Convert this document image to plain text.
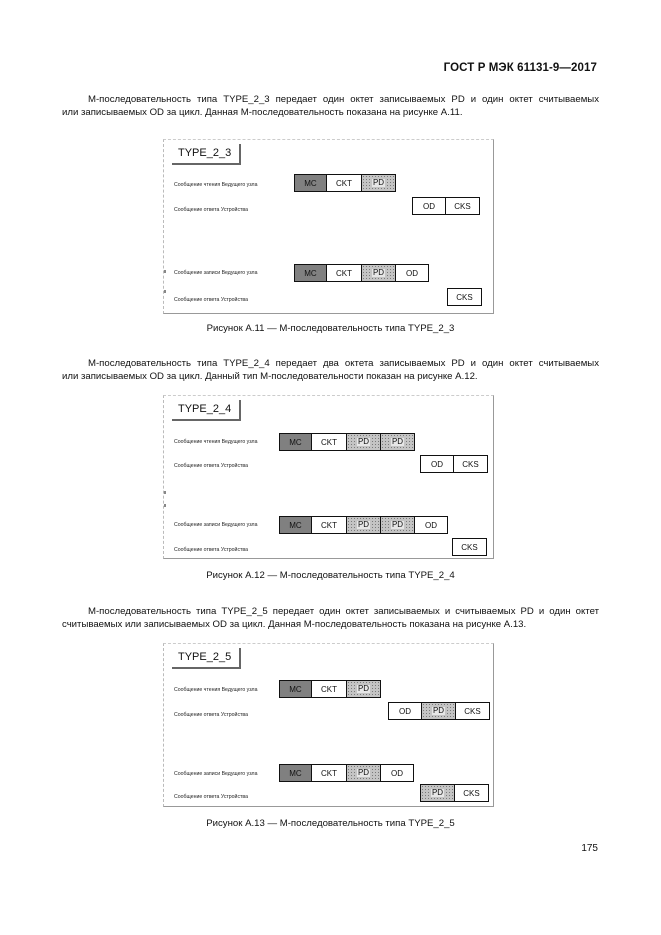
ГОСТ Р МЭК 61131-9—2017
M-последовательность типа TYPE_2_3 передает один октет записываемых PD и один октет считываемых
или записываемых OD за цикл. Данная M-последовательность показана на рисунке А.11.
TYPE_2_3
Сообщение чтения Ведущего узла	MC	CKT	PD
Сообщение ответа Устройства	OD	CKS
Сообщение записи Ведущего узла	MC	CKT	PD	OD
Сообщение ответа Устройства	CKS
Рисунок А.11 — M-последовательность типа TYPE_2_3
M-последовательность типа TYPE_2_4 передает два октета записываемых PD и один октет считываемых
или записываемых OD за цикл. Данный тип M-последовательности показан на рисунке А.12.
TYPE_2_4
Сообщение чтения Ведущего узла	MC	CKT	PD	PD
Сообщение ответа Устройства	OD	CKS
Сообщение записи Ведущего узла	MC	CKT	PD	PD	OD
Сообщение ответа Устройства	CKS
Рисунок А.12 — M-последовательность типа TYPE_2_4
M-последовательность типа TYPE_2_5 передает один октет записываемых и считываемых PD и один октет
считываемых или записываемых OD за цикл. Данная M-последовательность показана на рисунке А.13.
TYPE_2_5
Сообщение чтения Ведущего узла	MC	CKT	PD
Сообщение ответа Устройства	OD	PD	CKS
Сообщение записи Ведущего узла	MC	CKT	PD	OD
Сообщение ответа Устройства	PD	CKS
Рисунок А.13 — M-последовательность типа TYPE_2_5
175
